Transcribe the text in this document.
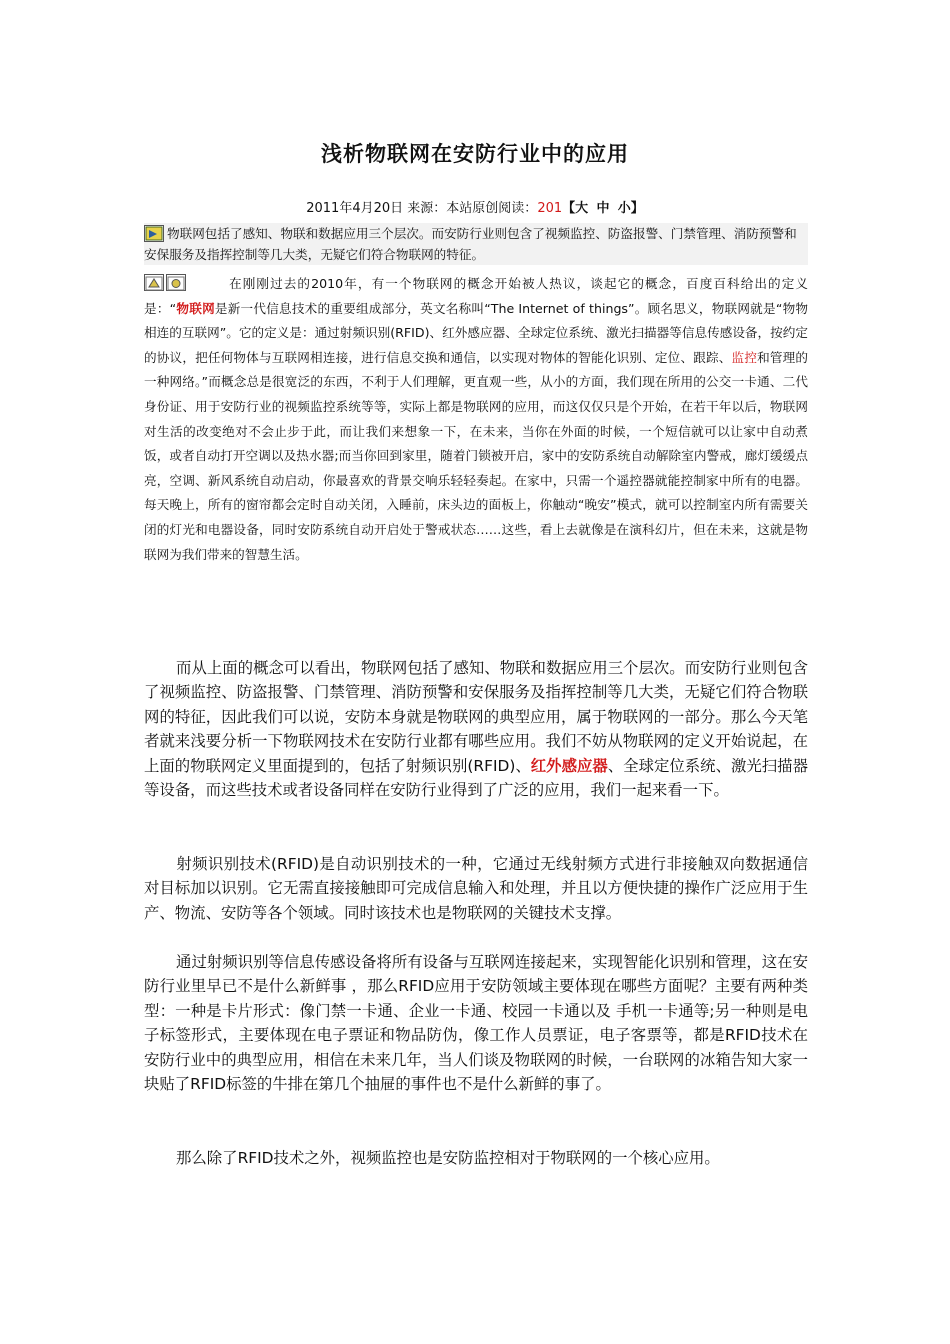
浅析物联网在安防行业中的应用
2011年4月20日 来源：本站原创阅读：201【大 中 小】
物联网包括了感知、物联和数据应用三个层次。而安防行业则包含了视频监控、防盗报警、门禁管理、消防预警和安保服务及指挥控制等几大类，无疑它们符合物联网的特征。
在刚刚过去的2010年，有一个物联网的概念开始被人热议，谈起它的概念，百度百科给出的定义是：“物联网是新一代信息技术的重要组成部分，英文名称叫“The Internet of things”。顾名思义，物联网就是“物物相连的互联网”。它的定义是：通过射频识别(RFID)、红外感应器、全球定位系统、激光扫描器等信息传感设备，按约定的协议，把任何物体与互联网相连接，进行信息交换和通信，以实现对物体的智能化识别、定位、跟踪、监控和管理的一种网络。”而概念总是很宽泛的东西，不利于人们理解，更直观一些，从小的方面，我们现在所用的公交一卡通、二代身份证、用于安防行业的视频监控系统等等，实际上都是物联网的应用，而这仅仅只是个开始，在若干年以后，物联网对生活的改变绝对不会止步于此，而让我们来想象一下，在未来，当你在外面的时候，一个短信就可以让家中自动煮饭，或者自动打开空调以及热水器;而当你回到家里，随着门锁被开启，家中的安防系统自动解除室内警戒，廊灯缓缓点亮，空调、新风系统自动启动，你最喜欢的背景交响乐轻轻奏起。在家中，只需一个遥控器就能控制家中所有的电器。每天晚上，所有的窗帘都会定时自动关闭，入睡前，床头边的面板上，你触动“晚安”模式，就可以控制室内所有需要关闭的灯光和电器设备，同时安防系统自动开启处于警戒状态……这些，看上去就像是在演科幻片，但在未来，这就是物联网为我们带来的智慧生活。

而从上面的概念可以看出，物联网包括了感知、物联和数据应用三个层次。而安防行业则包含了视频监控、防盗报警、门禁管理、消防预警和安保服务及指挥控制等几大类，无疑它们符合物联网的特征，因此我们可以说，安防本身就是物联网的典型应用，属于物联网的一部分。那么今天笔者就来浅要分析一下物联网技术在安防行业都有哪些应用。我们不妨从物联网的定义开始说起，在上面的物联网定义里面提到的，包括了射频识别(RFID)、红外感应器、全球定位系统、激光扫描器等设备，而这些技术或者设备同样在安防行业得到了广泛的应用，我们一起来看一下。

射频识别技术(RFID)是自动识别技术的一种，它通过无线射频方式进行非接触双向数据通信对目标加以识别。它无需直接接触即可完成信息输入和处理，并且以方便快捷的操作广泛应用于生产、物流、安防等各个领域。同时该技术也是物联网的关键技术支撑。

通过射频识别等信息传感设备将所有设备与互联网连接起来，实现智能化识别和管理，这在安防行业里早已不是什么新鲜事 ，那么RFID应用于安防领域主要体现在哪些方面呢？主要有两种类型：一种是卡片形式：像门禁一卡通、企业一卡通、校园一卡通以及 手机一卡通等;另一种则是电子标签形式，主要体现在电子票证和物品防伪，像工作人员票证，电子客票等，都是RFID技术在安防行业中的典型应用，相信在未来几年，当人们谈及物联网的时候，一台联网的冰箱告知大家一块贴了RFID标签的牛排在第几个抽屉的事件也不是什么新鲜的事了。

那么除了RFID技术之外，视频监控也是安防监控相对于物联网的一个核心应用。
